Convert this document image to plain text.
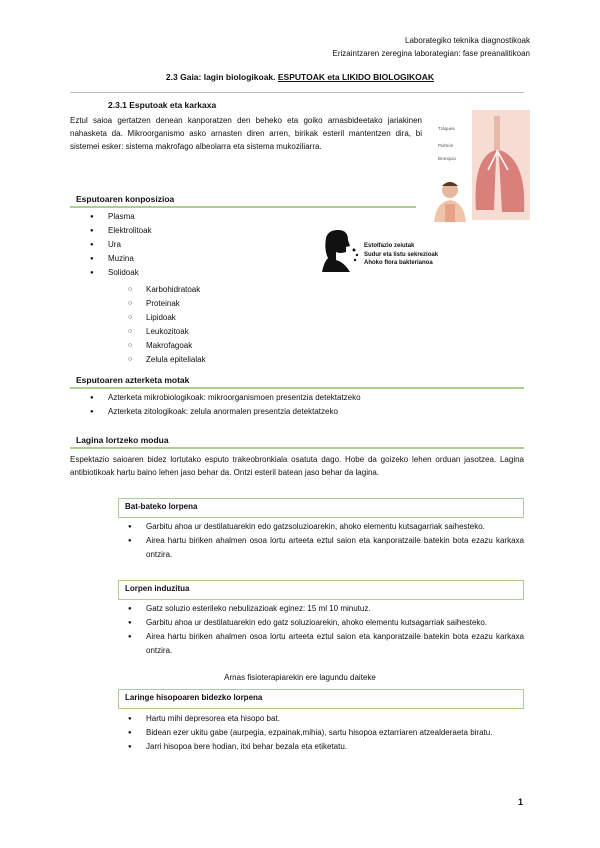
Laborategiko teknika diagnostikoak
Erizaintzaren zeregina laborategian: fase preanalitikoan
2.3 Gaia: lagin biologikoak. ESPUTOAK eta LIKIDO BIOLOGIKOAK
2.3.1 Esputoak eta karkaxa
Eztul saioa gertatzen denean kanporatzen den beheko eta goiko arnasbideetako jariakinen nahasketa da. Mikroorganismo asko arnasten diren arren, birikak esteril mantentzen dira, bi sistemei esker: sistema makrofago albeolarra eta sistema mukoziliarra.
Tráquea
Pulmón
Bronquio
Estolfazio zeiutak
Sudur eta listu sekrezioak
Ahoko flora bakterianoa
Esputoaren konposizioa
● Plasma
● Elektrolitoak
● Ura
● Muzina
● Solidoak
○ Karbohidratoak
○ Proteinak
○ Lipidoak
○ Leukozitoak
○ Makrofagoak
○ Zelula epitelialak
Esputoaren azterketa motak
● Azterketa mikrobiologikoak: mikroorganismoen presentzia detektatzeko
● Azterketa zitologikoak: zelula anormalen presentzia detektatzeko
Lagina lortzeko modua
Espektazio saioaren bidez lortutako esputo trakeobronkiala osatuta dago. Hobe da goizeko lehen orduan jasotzea. Lagina antibiotikoak hartu baino lehen jaso behar da. Ontzi esteril batean jaso behar da lagina.
Bat-bateko lorpena
● Garbitu ahoa ur destilatuarekin edo gatzsoluzioarekin, ahoko elementu kutsagarriak saihesteko.
● Airea hartu biriken ahalmen osoa lortu arteeta eztul saion eta kanporatzaile batekin bota ezazu karkaxa ontzira.
Lorpen induzitua
● Gatz soluzio esterileko nebulizazioak eginez: 15 ml 10 minutuz.
● Garbitu ahoa ur destilatuarekin edo gatz soluzioarekin, ahoko elementu kutsagarriak saihesteko.
● Airea hartu biriken ahalmen osoa lortu arteeta eztul saion eta kanporatzaile batekin bota ezazu karkaxa ontzira.
Arnas fisioterapiarekin ere lagundu daiteke
Laringe hisopoaren bidezko lorpena
● Hartu mihi depresorea eta hisopo bat.
● Bidean ezer ukitu gabe (aurpegia, ezpainak,mihia), sartu hisopoa eztarriaren atzealderaeta biratu.
● Jarri hisopoa bere hodian, itxi behar bezala eta etiketatu.
1
